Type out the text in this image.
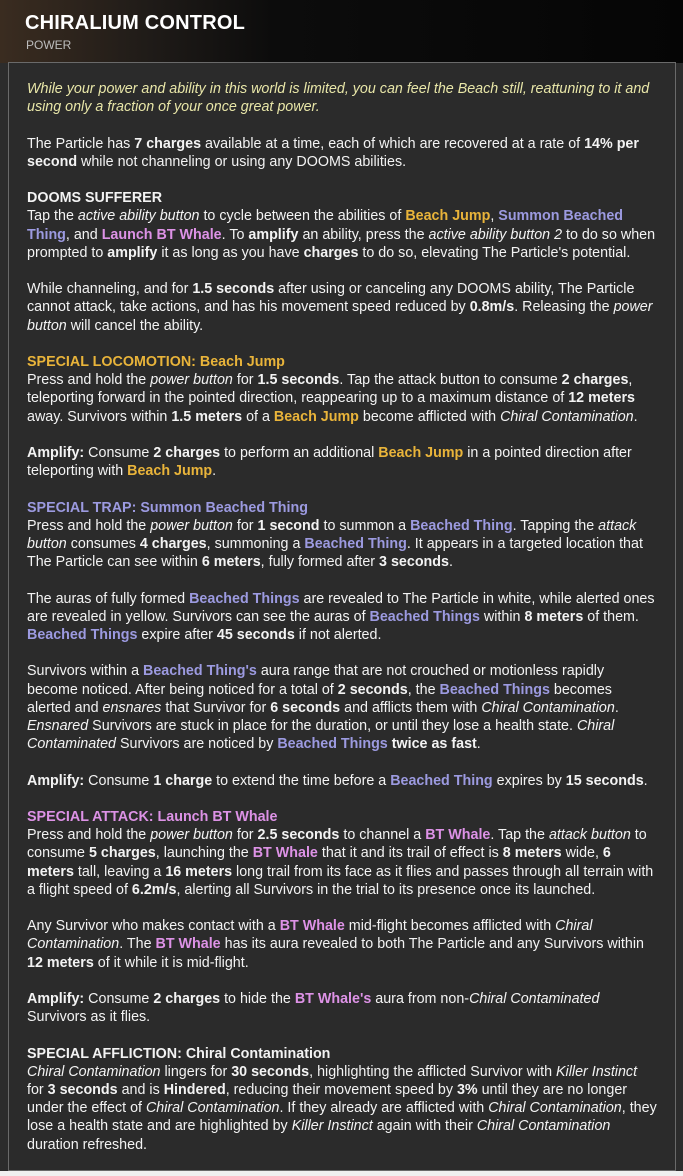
CHIRALIUM CONTROL
POWER

While your power and ability in this world is limited, you can feel the Beach still, reattuning to it and using only a fraction of your once great power.

The Particle has 7 charges available at a time, each of which are recovered at a rate of 14% per second while not channeling or using any DOOMS abilities.

DOOMS SUFFERER
Tap the active ability button to cycle between the abilities of Beach Jump, Summon Beached Thing, and Launch BT Whale. To amplify an ability, press the active ability button 2 to do so when prompted to amplify it as long as you have charges to do so, elevating The Particle's potential.

While channeling, and for 1.5 seconds after using or canceling any DOOMS ability, The Particle cannot attack, take actions, and has his movement speed reduced by 0.8m/s. Releasing the power button will cancel the ability.

SPECIAL LOCOMOTION: Beach Jump
Press and hold the power button for 1.5 seconds. Tap the attack button to consume 2 charges, teleporting forward in the pointed direction, reappearing up to a maximum distance of 12 meters away. Survivors within 1.5 meters of a Beach Jump become afflicted with Chiral Contamination.

Amplify: Consume 2 charges to perform an additional Beach Jump in a pointed direction after teleporting with Beach Jump.

SPECIAL TRAP: Summon Beached Thing
Press and hold the power button for 1 second to summon a Beached Thing. Tapping the attack button consumes 4 charges, summoning a Beached Thing. It appears in a targeted location that The Particle can see within 6 meters, fully formed after 3 seconds.

The auras of fully formed Beached Things are revealed to The Particle in white, while alerted ones are revealed in yellow. Survivors can see the auras of Beached Things within 8 meters of them. Beached Things expire after 45 seconds if not alerted.

Survivors within a Beached Thing's aura range that are not crouched or motionless rapidly become noticed. After being noticed for a total of 2 seconds, the Beached Things becomes alerted and ensnares that Survivor for 6 seconds and afflicts them with Chiral Contamination. Ensnared Survivors are stuck in place for the duration, or until they lose a health state. Chiral Contaminated Survivors are noticed by Beached Things twice as fast.

Amplify: Consume 1 charge to extend the time before a Beached Thing expires by 15 seconds.

SPECIAL ATTACK: Launch BT Whale
Press and hold the power button for 2.5 seconds to channel a BT Whale. Tap the attack button to consume 5 charges, launching the BT Whale that it and its trail of effect is 8 meters wide, 6 meters tall, leaving a 16 meters long trail from its face as it flies and passes through all terrain with a flight speed of 6.2m/s, alerting all Survivors in the trial to its presence once its launched.

Any Survivor who makes contact with a BT Whale mid-flight becomes afflicted with Chiral Contamination. The BT Whale has its aura revealed to both The Particle and any Survivors within 12 meters of it while it is mid-flight.

Amplify: Consume 2 charges to hide the BT Whale's aura from non-Chiral Contaminated Survivors as it flies.

SPECIAL AFFLICTION: Chiral Contamination
Chiral Contamination lingers for 30 seconds, highlighting the afflicted Survivor with Killer Instinct for 3 seconds and is Hindered, reducing their movement speed by 3% until they are no longer under the effect of Chiral Contamination. If they already are afflicted with Chiral Contamination, they lose a health state and are highlighted by Killer Instinct again with their Chiral Contamination duration refreshed.
